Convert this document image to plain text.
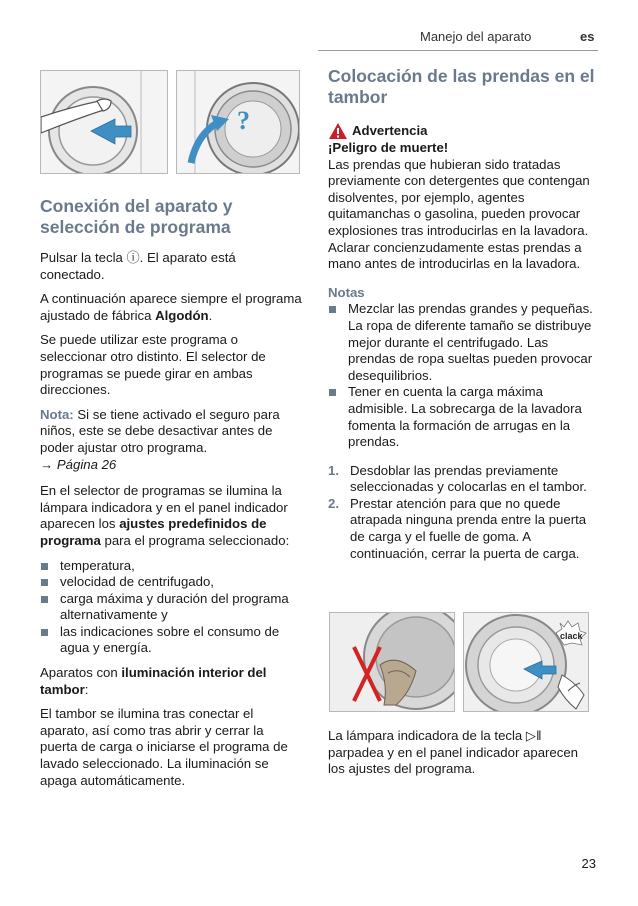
Manejo del aparato	es
?
Conexión del aparato y selección de programa

Pulsar la tecla ⓘ. El aparato está conectado.

A continuación aparece siempre el programa ajustado de fábrica Algodón.

Se puede utilizar este programa o seleccionar otro distinto. El selector de programas se puede girar en ambas direcciones.

Nota: Si se tiene activado el seguro para niños, este se debe desactivar antes de poder ajustar otro programa.
→ Página 26

En el selector de programas se ilumina la lámpara indicadora y en el panel indicador aparecen los ajustes predefinidos de programa para el programa seleccionado:

temperatura,
velocidad de centrifugado,
carga máxima y duración del programa alternativamente y
las indicaciones sobre el consumo de agua y energía.

Aparatos con iluminación interior del tambor:

El tambor se ilumina tras conectar el aparato, así como tras abrir y cerrar la puerta de carga o iniciarse el programa de lavado seleccionado. La iluminación se apaga automáticamente.

Colocación de las prendas en el tambor
Advertencia
¡Peligro de muerte!
Las prendas que hubieran sido tratadas previamente con detergentes que contengan disolventes, por ejemplo, agentes quitamanchas o gasolina, pueden provocar explosiones tras introducirlas en la lavadora.
Aclarar concienzudamente estas prendas a mano antes de introducirlas en la lavadora.
Notas
Mezclar las prendas grandes y pequeñas. La ropa de diferente tamaño se distribuye mejor durante el centrifugado. Las prendas de ropa sueltas pueden provocar desequilibrios.
Tener en cuenta la carga máxima admisible. La sobrecarga de la lavadora fomenta la formación de arrugas en la prendas.
1. Desdoblar las prendas previamente seleccionadas y colocarlas en el tambor.
2. Prestar atención para que no quede atrapada ninguna prenda entre la puerta de carga y el fuelle de goma. A continuación, cerrar la puerta de carga.
clack
La lámpara indicadora de la tecla ▷‖ parpadea y en el panel indicador aparecen los ajustes del programa.
23
